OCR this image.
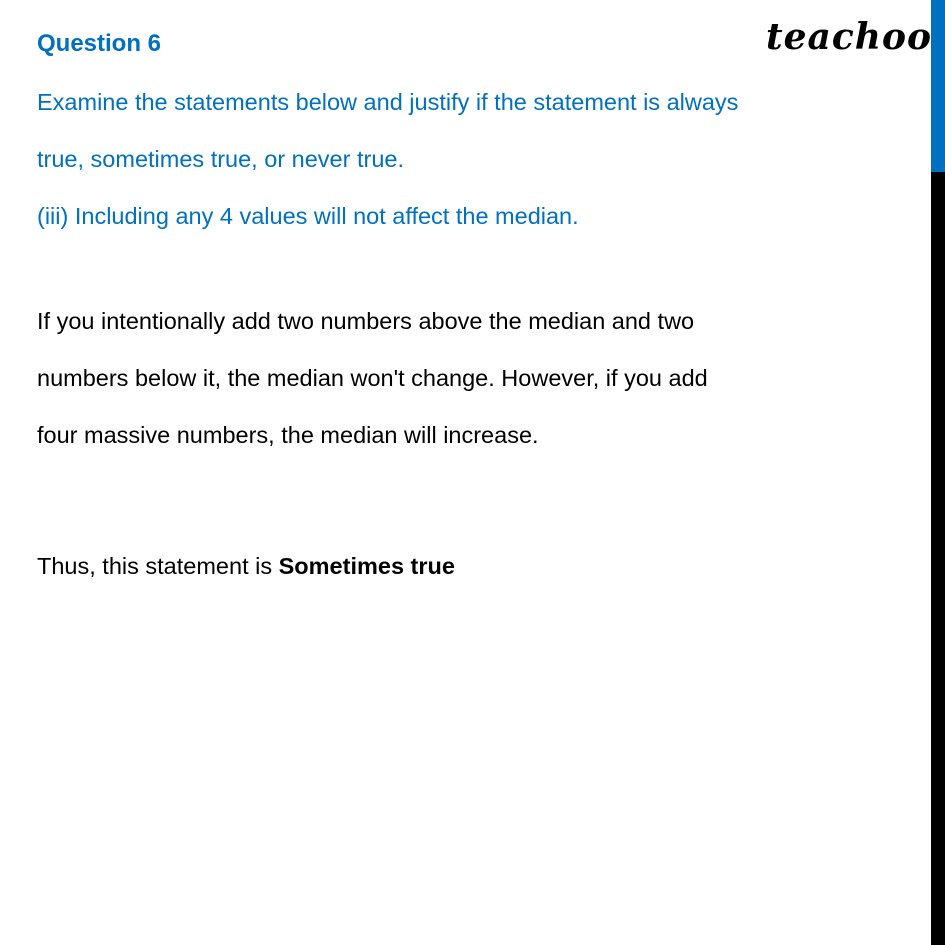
teachoo
Question 6
Examine the statements below and justify if the statement is always
true, sometimes true, or never true.
(iii) Including any 4 values will not affect the median.
If you intentionally add two numbers above the median and two
numbers below it, the median won't change. However, if you add
four massive numbers, the median will increase.
Thus, this statement is Sometimes true
